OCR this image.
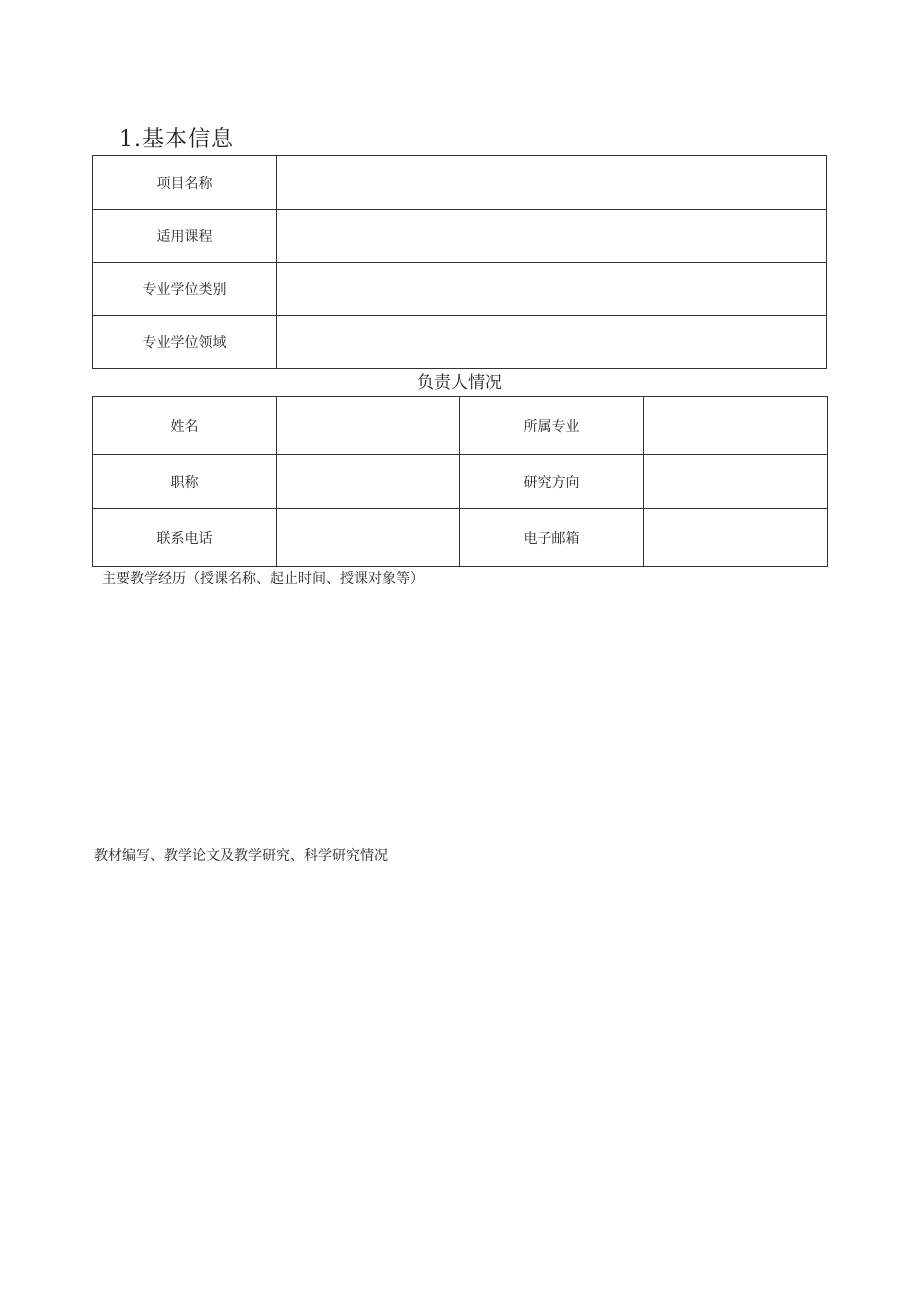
1.基本信息
项目名称	
适用课程	
专业学位类别	
专业学位领域	
负责人情况
姓名		所属专业	
职称		研究方向	
联系电话		电子邮箱	
主要教学经历（授课名称、起止时间、授课对象等）
教材编写、教学论文及教学研究、科学研究情况
